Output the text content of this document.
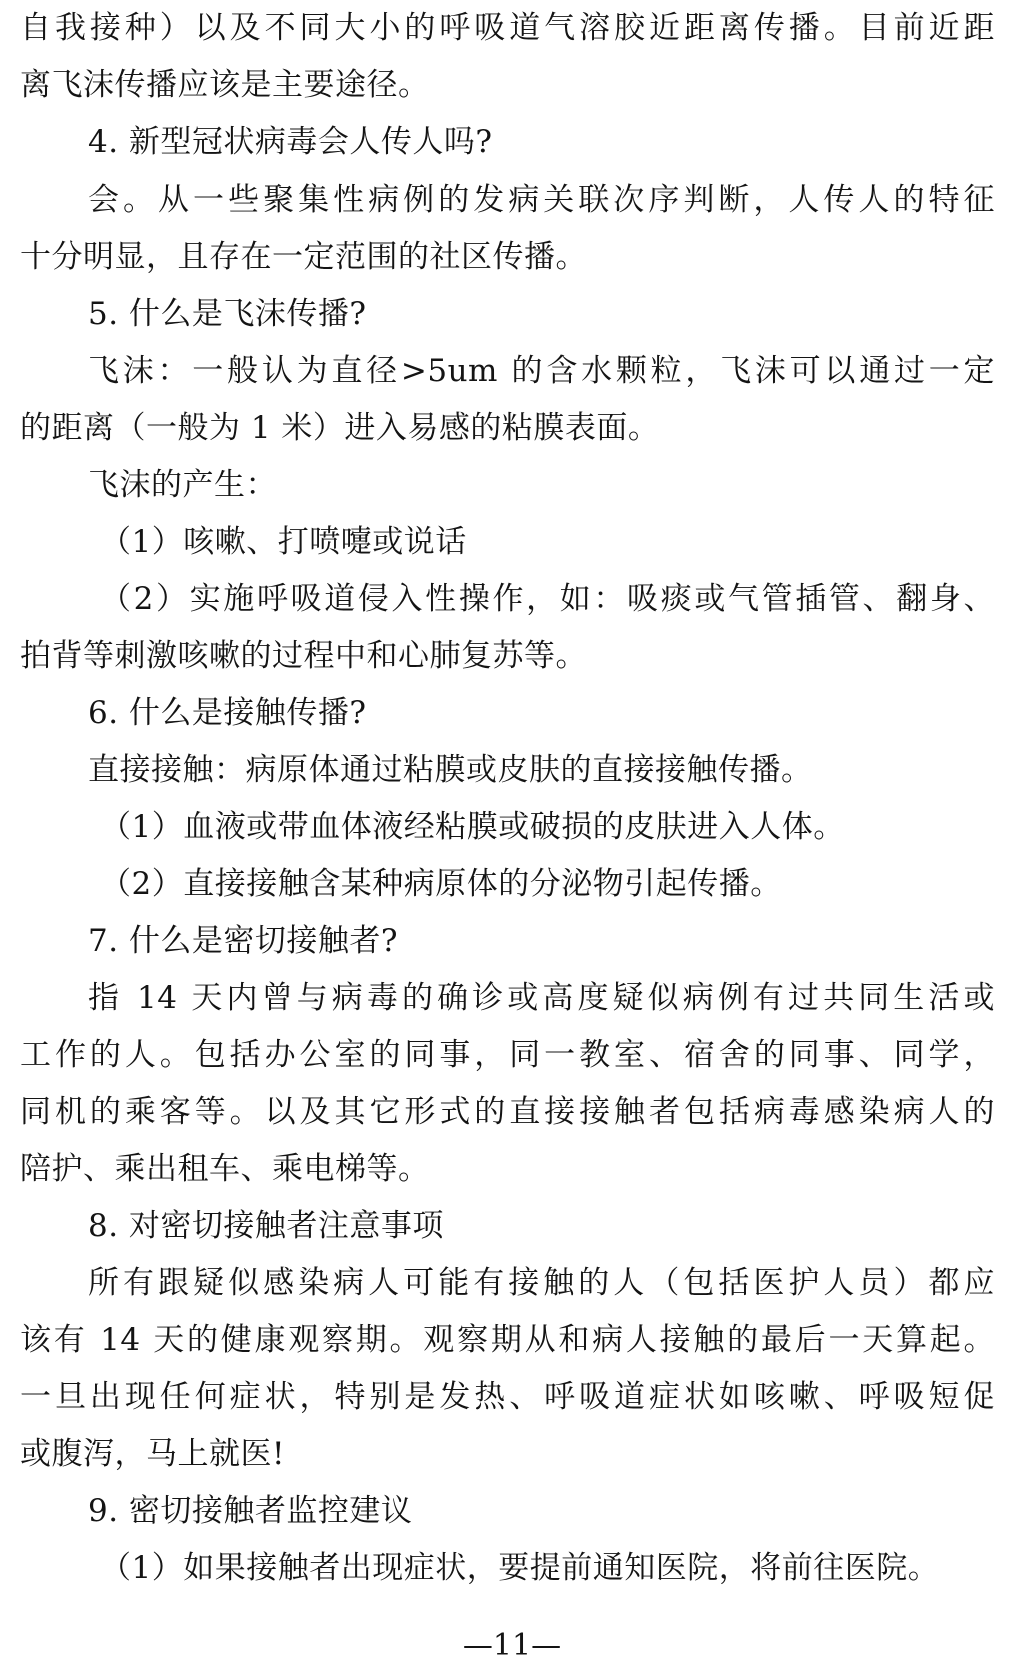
自我接种）以及不同大小的呼吸道气溶胶近距离传播。目前近距
离飞沫传播应该是主要途径。
4. 新型冠状病毒会人传人吗?
会。从一些聚集性病例的发病关联次序判断，人传人的特征
十分明显，且存在一定范围的社区传播。
5. 什么是飞沫传播?
飞沫：一般认为直径>5um 的含水颗粒，飞沫可以通过一定
的距离（一般为 1 米）进入易感的粘膜表面。
飞沫的产生：
（1）咳嗽、打喷嚏或说话
（2）实施呼吸道侵入性操作，如：吸痰或气管插管、翻身、
拍背等刺激咳嗽的过程中和心肺复苏等。
6. 什么是接触传播?
直接接触：病原体通过粘膜或皮肤的直接接触传播。
（1）血液或带血体液经粘膜或破损的皮肤进入人体。
（2）直接接触含某种病原体的分泌物引起传播。
7. 什么是密切接触者?
指 14 天内曾与病毒的确诊或高度疑似病例有过共同生活或
工作的人。包括办公室的同事，同一教室、宿舍的同事、同学，
同机的乘客等。以及其它形式的直接接触者包括病毒感染病人的
陪护、乘出租车、乘电梯等。
8. 对密切接触者注意事项
所有跟疑似感染病人可能有接触的人（包括医护人员）都应
该有 14 天的健康观察期。观察期从和病人接触的最后一天算起。
一旦出现任何症状，特别是发热、呼吸道症状如咳嗽、呼吸短促
或腹泻，马上就医!
9. 密切接触者监控建议
（1）如果接触者出现症状，要提前通知医院，将前往医院。
—11—
